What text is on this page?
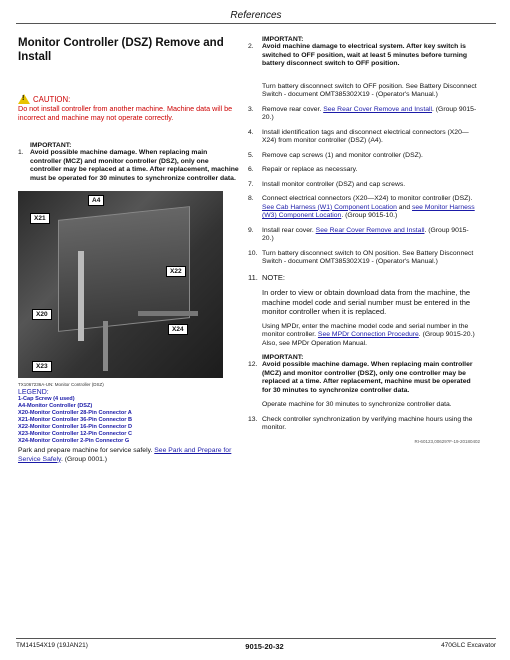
References
Monitor Controller (DSZ) Remove and Install
! CAUTION:
Do not install controller from another machine. Machine data will be incorrect and machine may not operate correctly.
IMPORTANT:
1. Avoid possible machine damage. When replacing main controller (MCZ) and monitor controller (DSZ), only one controller may be replaced at a time. After replacement, machine must be operated for 30 minutes to synchronize controller data.
A4
X21
X22
X20
X24
X23
TX1067236A-UN: Monitor Controller (DSZ)
LEGEND:
1-Cap Screw (4 used)
A4-Monitor Controller (DSZ)
X20-Monitor Controller 28-Pin Connector A
X21-Monitor Controller 36-Pin Connector B
X22-Monitor Controller 16-Pin Connector D
X23-Monitor Controller 12-Pin Connector C
X24-Monitor Controller 2-Pin Connector G
Park and prepare machine for service safely. See Park and Prepare for Service Safely. (Group 0001.)
IMPORTANT:
2.	Avoid machine damage to electrical system. After key switch is switched to OFF position, wait at least 5 minutes before turning battery disconnect switch to OFF position.
Turn battery disconnect switch to OFF position. See Battery Disconnect Switch - document OMT385302X19 - (Operator's Manual.)
3.	Remove rear cover. See Rear Cover Remove and Install. (Group 9015-20.)
4.	Install identification tags and disconnect electrical connectors (X20—X24) from monitor controller (DSZ) (A4).
5.	Remove cap screws (1) and monitor controller (DSZ).
6.	Repair or replace as necessary.
7.	Install monitor controller (DSZ) and cap screws.
8.	Connect electrical connectors (X20—X24) to monitor controller (DSZ). See Cab Harness (W1) Component Location and see Monitor Harness (W3) Component Location. (Group 9015-10.)
9.	Install rear cover. See Rear Cover Remove and Install. (Group 9015-20.)
10. Turn battery disconnect switch to ON position. See Battery Disconnect Switch - document OMT385302X19 - (Operator's Manual.)
11. NOTE:
In order to view or obtain download data from the machine, the machine model code and serial number must be entered in the monitor controller when it is replaced.
Using MPDr, enter the machine model code and serial number in the monitor controller. See MPDr Connection Procedure. (Group 9015-20.) Also, see MPDr Operation Manual.
IMPORTANT:
12. Avoid possible machine damage. When replacing main controller (MCZ) and monitor controller (DSZ), only one controller may be replaced at a time. After replacement, machine must be operated for 30 minutes to synchronize controller data.
Operate machine for 30 minutes to synchronize controller data.
13. Check controller synchronization by verifying machine hours using the monitor.
RI-60123,00629?F-19-20180402
TM14154X19 (19JAN21)	9015-20-32	470GLC Excavator
